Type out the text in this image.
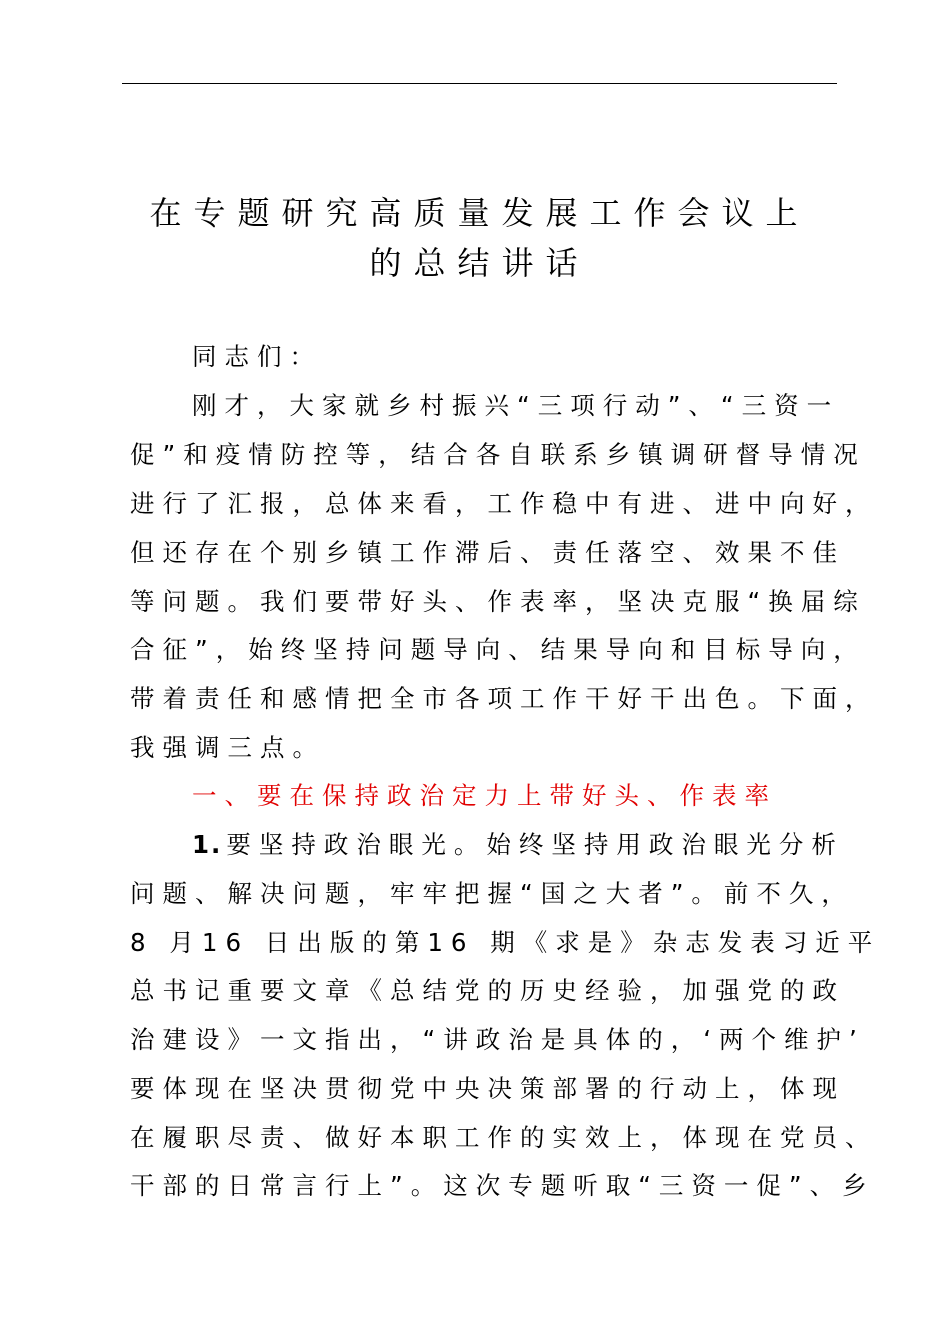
在专题研究高质量发展工作会议上
的总结讲话
同志们：
刚才，大家就乡村振兴“三项行动”、“三资一
促”和疫情防控等，结合各自联系乡镇调研督导情况
进行了汇报，总体来看，工作稳中有进、进中向好，
但还存在个别乡镇工作滞后、责任落空、效果不佳
等问题。我们要带好头、作表率，坚决克服“换届综
合征”，始终坚持问题导向、结果导向和目标导向，
带着责任和感情把全市各项工作干好干出色。下面，
我强调三点。
一、要在保持政治定力上带好头、作表率
1. 要坚持政治眼光。始终坚持用政治眼光分析
问题、解决问题，牢牢把握“国之大者”。前不久，
8 月16 日出版的第16 期《求是》杂志发表习近平
总书记重要文章《总结党的历史经验，加强党的政
治建设》一文指出，“讲政治是具体的，‘两个维护’
要体现在坚决贯彻党中央决策部署的行动上，体现
在履职尽责、做好本职工作的实效上，体现在党员、
干部的日常言行上”。这次专题听取“三资一促”、乡
